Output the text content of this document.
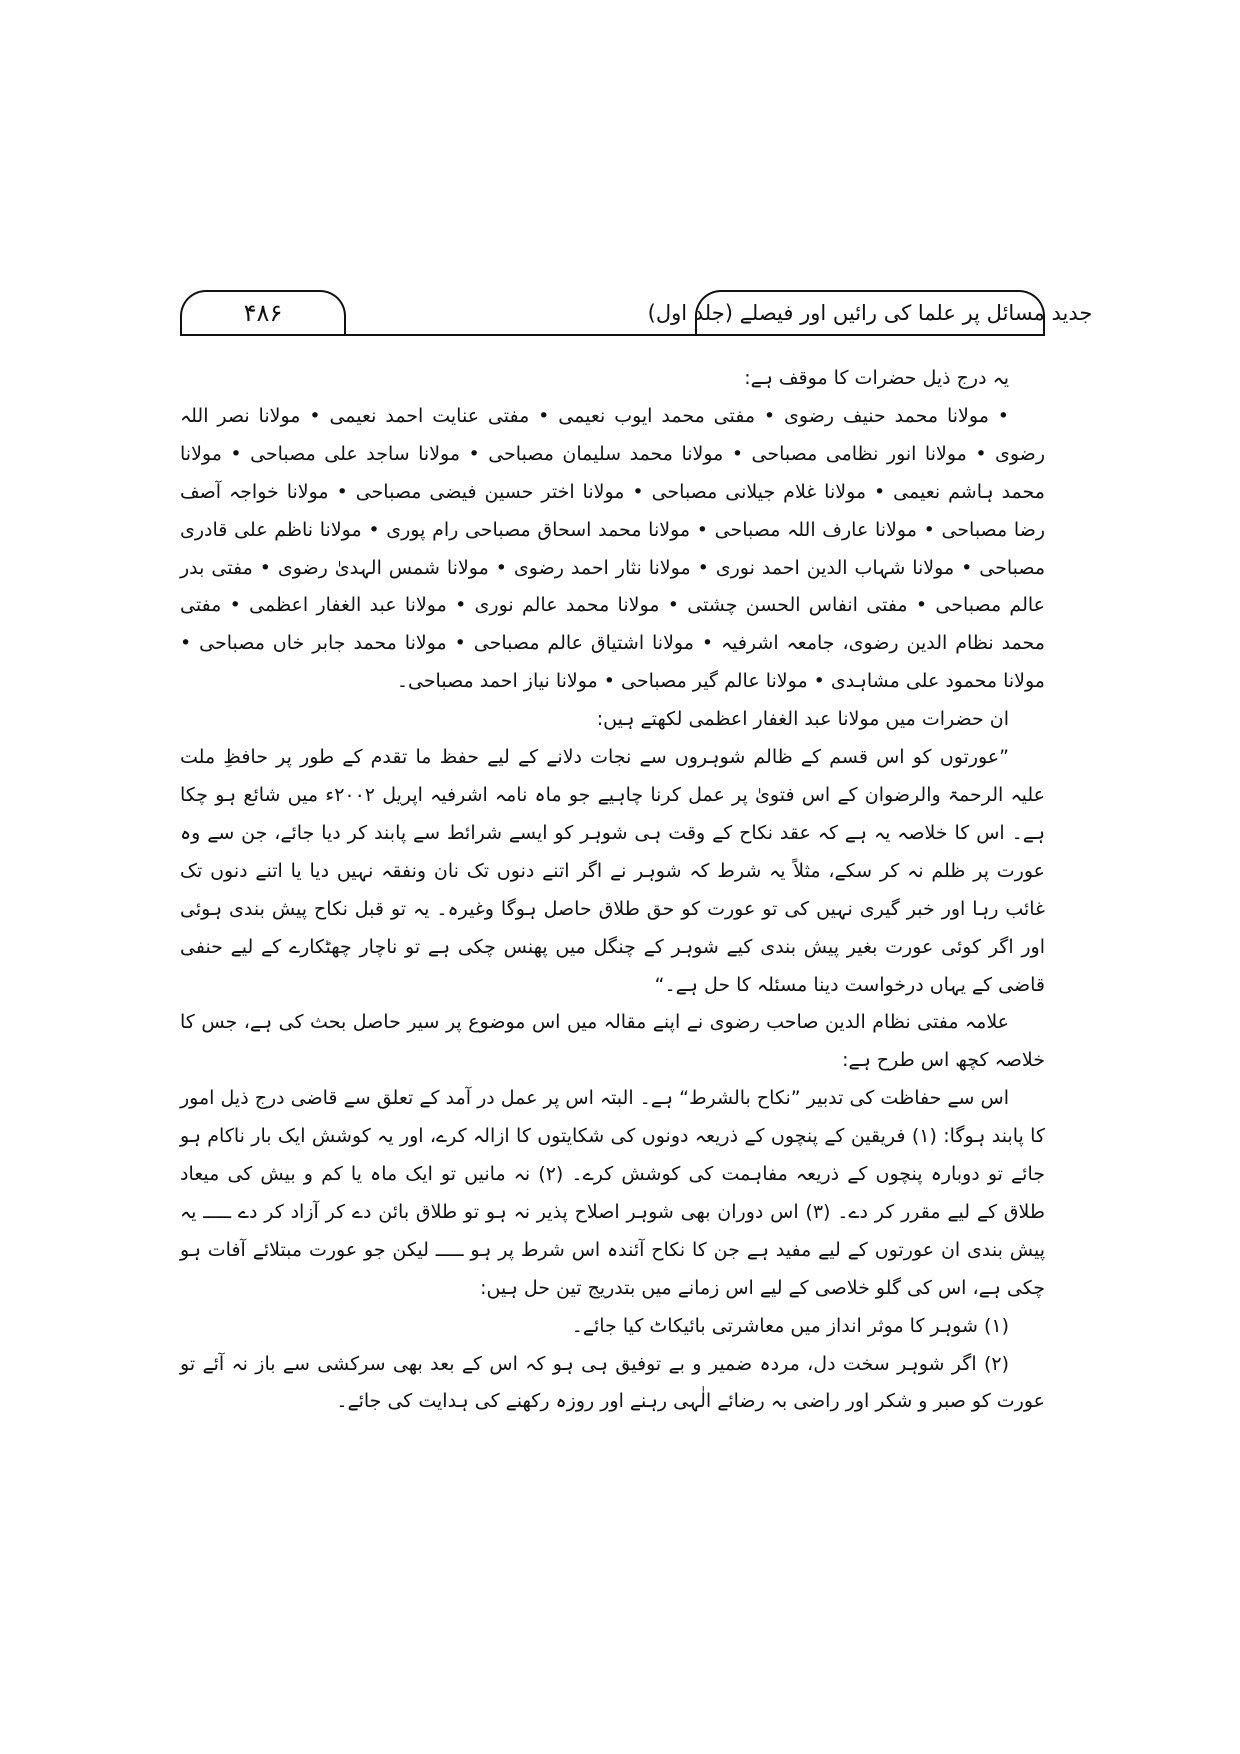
۴۸۶	جدید مسائل پر علما کی رائیں اور فیصلے (جلد اول)

یہ درج ذیل حضرات کا موقف ہے:

• مولانا محمد حنیف رضوی • مفتی محمد ایوب نعیمی • مفتی عنایت احمد نعیمی • مولانا نصر اللہ رضوی • مولانا انور نظامی مصباحی • مولانا محمد سلیمان مصباحی • مولانا ساجد علی مصباحی • مولانا محمد ہاشم نعیمی • مولانا غلام جیلانی مصباحی • مولانا اختر حسین فیضی مصباحی • مولانا خواجہ آصف رضا مصباحی • مولانا عارف اللہ مصباحی • مولانا محمد اسحاق مصباحی رام پوری • مولانا ناظم علی قادری مصباحی • مولانا شہاب الدین احمد نوری • مولانا نثار احمد رضوی • مولانا شمس الہدیٰ رضوی • مفتی بدر عالم مصباحی • مفتی انفاس الحسن چشتی • مولانا محمد عالم نوری • مولانا عبد الغفار اعظمی • مفتی محمد نظام الدین رضوی، جامعہ اشرفیہ • مولانا اشتیاق عالم مصباحی • مولانا محمد جابر خاں مصباحی • مولانا محمود علی مشاہدی • مولانا عالم گیر مصباحی • مولانا نیاز احمد مصباحی۔

ان حضرات میں مولانا عبد الغفار اعظمی لکھتے ہیں:

”عورتوں کو اس قسم کے ظالم شوہروں سے نجات دلانے کے لیے حفظ ما تقدم کے طور پر حافظِ ملت علیہ الرحمۃ والرضوان کے اس فتویٰ پر عمل کرنا چاہیے جو ماہ نامہ اشرفیہ اپریل ۲۰۰۲ء میں شائع ہو چکا ہے۔ اس کا خلاصہ یہ ہے کہ عقد نکاح کے وقت ہی شوہر کو ایسے شرائط سے پابند کر دیا جائے، جن سے وہ عورت پر ظلم نہ کر سکے، مثلاً یہ شرط کہ شوہر نے اگر اتنے دنوں تک نان ونفقہ نہیں دیا یا اتنے دنوں تک غائب رہا اور خبر گیری نہیں کی تو عورت کو حق طلاق حاصل ہوگا وغیرہ۔ یہ تو قبل نکاح پیش بندی ہوئی اور اگر کوئی عورت بغیر پیش بندی کیے شوہر کے چنگل میں پھنس چکی ہے تو ناچار چھٹکارے کے لیے حنفی قاضی کے یہاں درخواست دینا مسئلہ کا حل ہے۔“

علامہ مفتی نظام الدین صاحب رضوی نے اپنے مقالہ میں اس موضوع پر سیر حاصل بحث کی ہے، جس کا خلاصہ کچھ اس طرح ہے:

اس سے حفاظت کی تدبیر ”نکاح بالشرط“ ہے۔ البتہ اس پر عمل در آمد کے تعلق سے قاضی درج ذیل امور کا پابند ہوگا: (۱) فریقین کے پنچوں کے ذریعہ دونوں کی شکایتوں کا ازالہ کرے، اور یہ کوشش ایک بار ناکام ہو جائے تو دوبارہ پنچوں کے ذریعہ مفاہمت کی کوشش کرے۔ (۲) نہ مانیں تو ایک ماہ یا کم و بیش کی میعاد طلاق کے لیے مقرر کر دے۔ (۳) اس دوران بھی شوہر اصلاح پذیر نہ ہو تو طلاق بائن دے کر آزاد کر دے ـــــ یہ پیش بندی ان عورتوں کے لیے مفید ہے جن کا نکاح آئندہ اس شرط پر ہو ـــــ لیکن جو عورت مبتلائے آفات ہو چکی ہے، اس کی گلو خلاصی کے لیے اس زمانے میں بتدریج تین حل ہیں:

(۱) شوہر کا موثر انداز میں معاشرتی بائیکاٹ کیا جائے۔

(۲) اگر شوہر سخت دل، مردہ ضمیر و بے توفیق ہی ہو کہ اس کے بعد بھی سرکشی سے باز نہ آئے تو عورت کو صبر و شکر اور راضی بہ رضائے الٰہی رہنے اور روزہ رکھنے کی ہدایت کی جائے۔
